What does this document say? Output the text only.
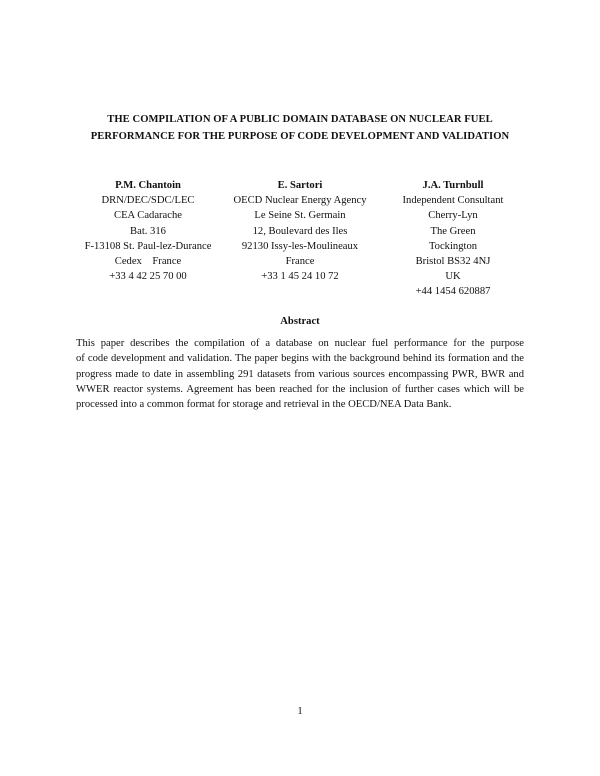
THE COMPILATION OF A PUBLIC DOMAIN DATABASE ON NUCLEAR FUEL
PERFORMANCE FOR THE PURPOSE OF CODE DEVELOPMENT AND VALIDATION
P.M. Chantoin
DRN/DEC/SDC/LEC
CEA Cadarache
Bat. 316
F-13108 St. Paul-lez-Durance
Cedex    France
+33 4 42 25 70 00
E. Sartori
OECD Nuclear Energy Agency
Le Seine St. Germain
12, Boulevard des Iles
92130 Issy-les-Moulineaux
France
+33 1 45 24 10 72
J.A. Turnbull
Independent Consultant
Cherry-Lyn
The Green
Tockington
Bristol BS32 4NJ
UK
+44 1454 620887
Abstract
This paper describes the compilation of a database on nuclear fuel performance for the purpose
of code development and validation. The paper begins with the background behind its formation and the
progress made to date in assembling 291 datasets from various sources encompassing PWR, BWR and
WWER reactor systems. Agreement has been reached for the inclusion of further cases which will be
processed into a common format for storage and retrieval in the OECD/NEA Data Bank.
1
